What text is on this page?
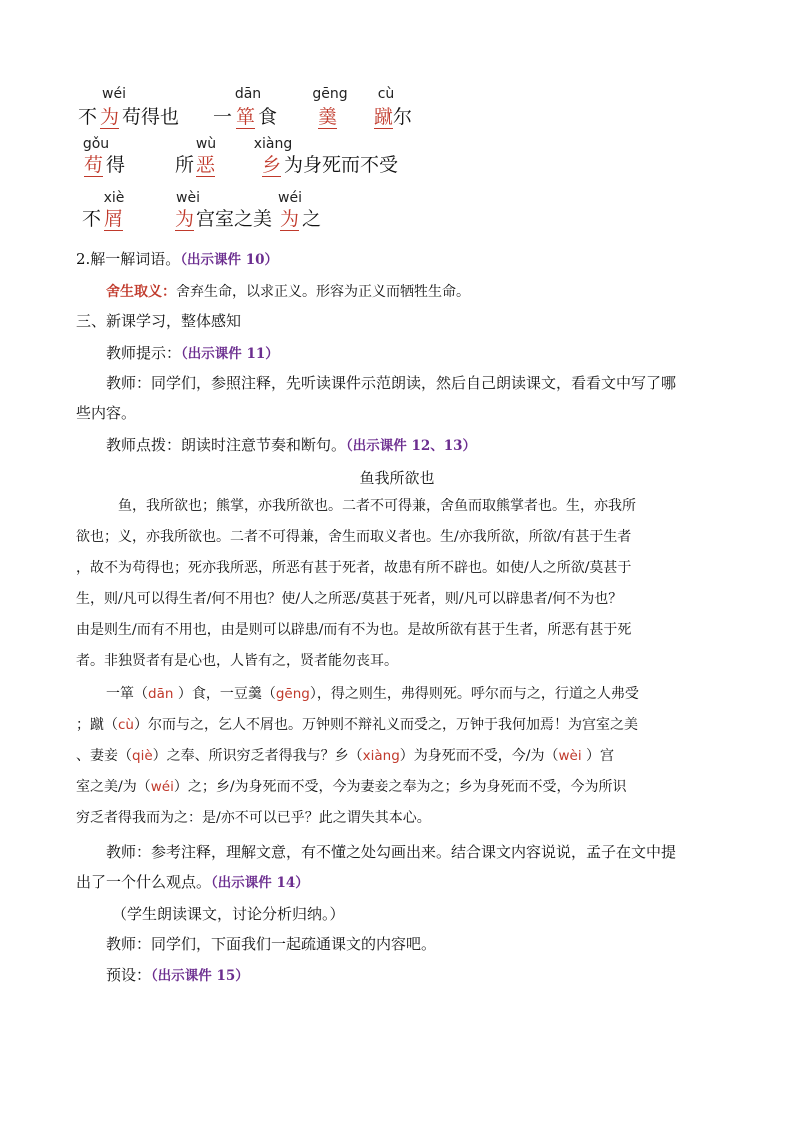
wéi
不 为 苟得也
dān
一 箪 食
gēng
羹
cù
蹴 尔
gǒu
苟 得
wù
所 恶
xiàng
乡 为身死而不受
xiè
不 屑
wèi
为 宫室之美
wéi
为 之
2.解一解词语。（出示课件 10）
舍生取义：舍弃生命，以求正义。形容为正义而牺牲生命。
三、新课学习，整体感知
教师提示：（出示课件 11）
教师：同学们，参照注释，先听读课件示范朗读，然后自己朗读课文，看看文中写了哪
些内容。
教师点拨：朗读时注意节奏和断句。（出示课件 12、13）
鱼我所欲也
鱼，我所欲也；熊掌，亦我所欲也。二者不可得兼，舍鱼而取熊掌者也。生，亦我所
欲也；义，亦我所欲也。二者不可得兼，舍生而取义者也。生/亦我所欲，所欲/有甚于生者
，故不为苟得也；死亦我所恶，所恶有甚于死者，故患有所不辟也。如使/人之所欲/莫甚于
生，则/凡可以得生者/何不用也？使/人之所恶/莫甚于死者，则/凡可以辟患者/何不为也？
由是则生/而有不用也，由是则可以辟患/而有不为也。是故所欲有甚于生者，所恶有甚于死
者。非独贤者有是心也，人皆有之，贤者能勿丧耳。
一箪（dān ）食，一豆羹（gēng），得之则生，弗得则死。呼尔而与之，行道之人弗受
；蹴（cù）尔而与之，乞人不屑也。万钟则不辩礼义而受之，万钟于我何加焉！为宫室之美
、妻妾（qiè）之奉、所识穷乏者得我与？乡（xiàng）为身死而不受，今/为（wèi ）宫
室之美/为（wéi）之；乡/为身死而不受，今为妻妾之奉为之；乡为身死而不受，今为所识
穷乏者得我而为之：是/亦不可以已乎？此之谓失其本心。
教师：参考注释，理解文意，有不懂之处勾画出来。结合课文内容说说，孟子在文中提
出了一个什么观点。（出示课件 14）
（学生朗读课文，讨论分析归纳。）
教师：同学们，下面我们一起疏通课文的内容吧。
预设：（出示课件 15）
